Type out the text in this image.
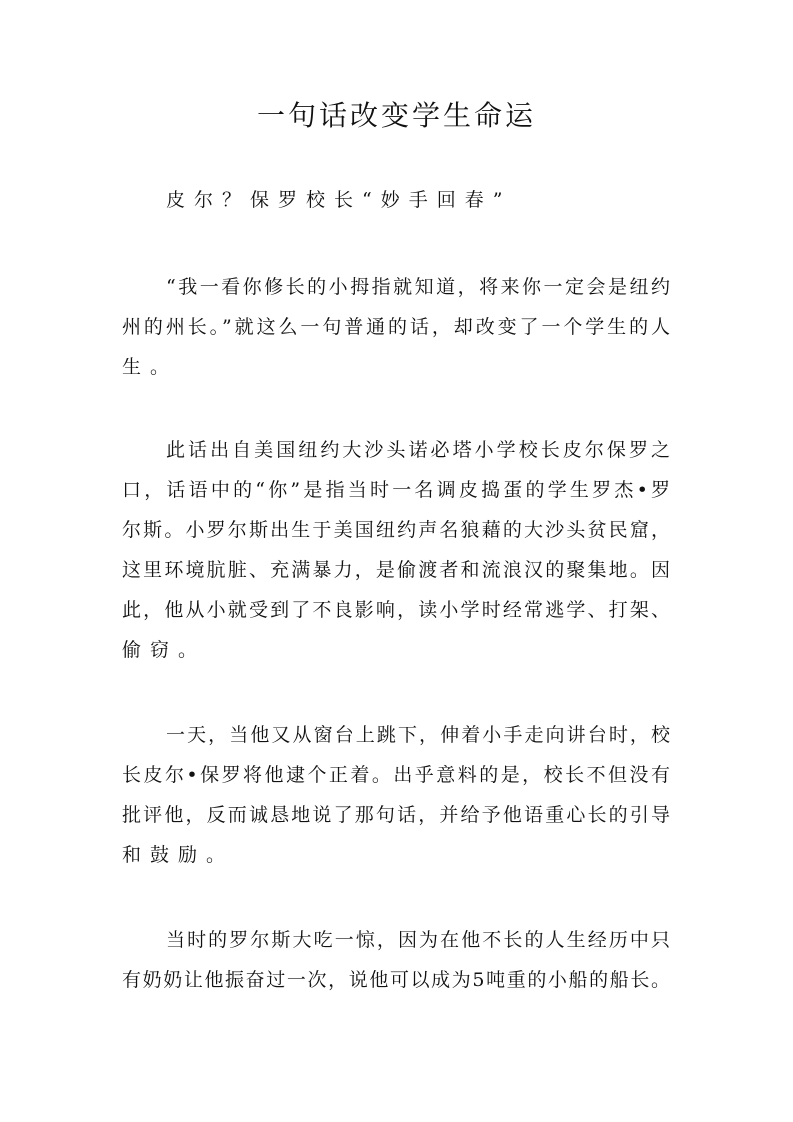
一句话改变学生命运
皮尔？保罗校长“妙手回春”
“我一看你修长的小拇指就知道，将来你一定会是纽约
州的州长。”就这么一句普通的话，却改变了一个学生的人
生。
此话出自美国纽约大沙头诺必塔小学校长皮尔保罗之
口，话语中的“你”是指当时一名调皮捣蛋的学生罗杰•罗
尔斯。小罗尔斯出生于美国纽约声名狼藉的大沙头贫民窟，
这里环境肮脏、充满暴力，是偷渡者和流浪汉的聚集地。因
此，他从小就受到了不良影响，读小学时经常逃学、打架、
偷窃。
一天，当他又从窗台上跳下，伸着小手走向讲台时，校
长皮尔•保罗将他逮个正着。出乎意料的是，校长不但没有
批评他，反而诚恳地说了那句话，并给予他语重心长的引导
和鼓励。
当时的罗尔斯大吃一惊，因为在他不长的人生经历中只
有奶奶让他振奋过一次，说他可以成为5吨重的小船的船长。
